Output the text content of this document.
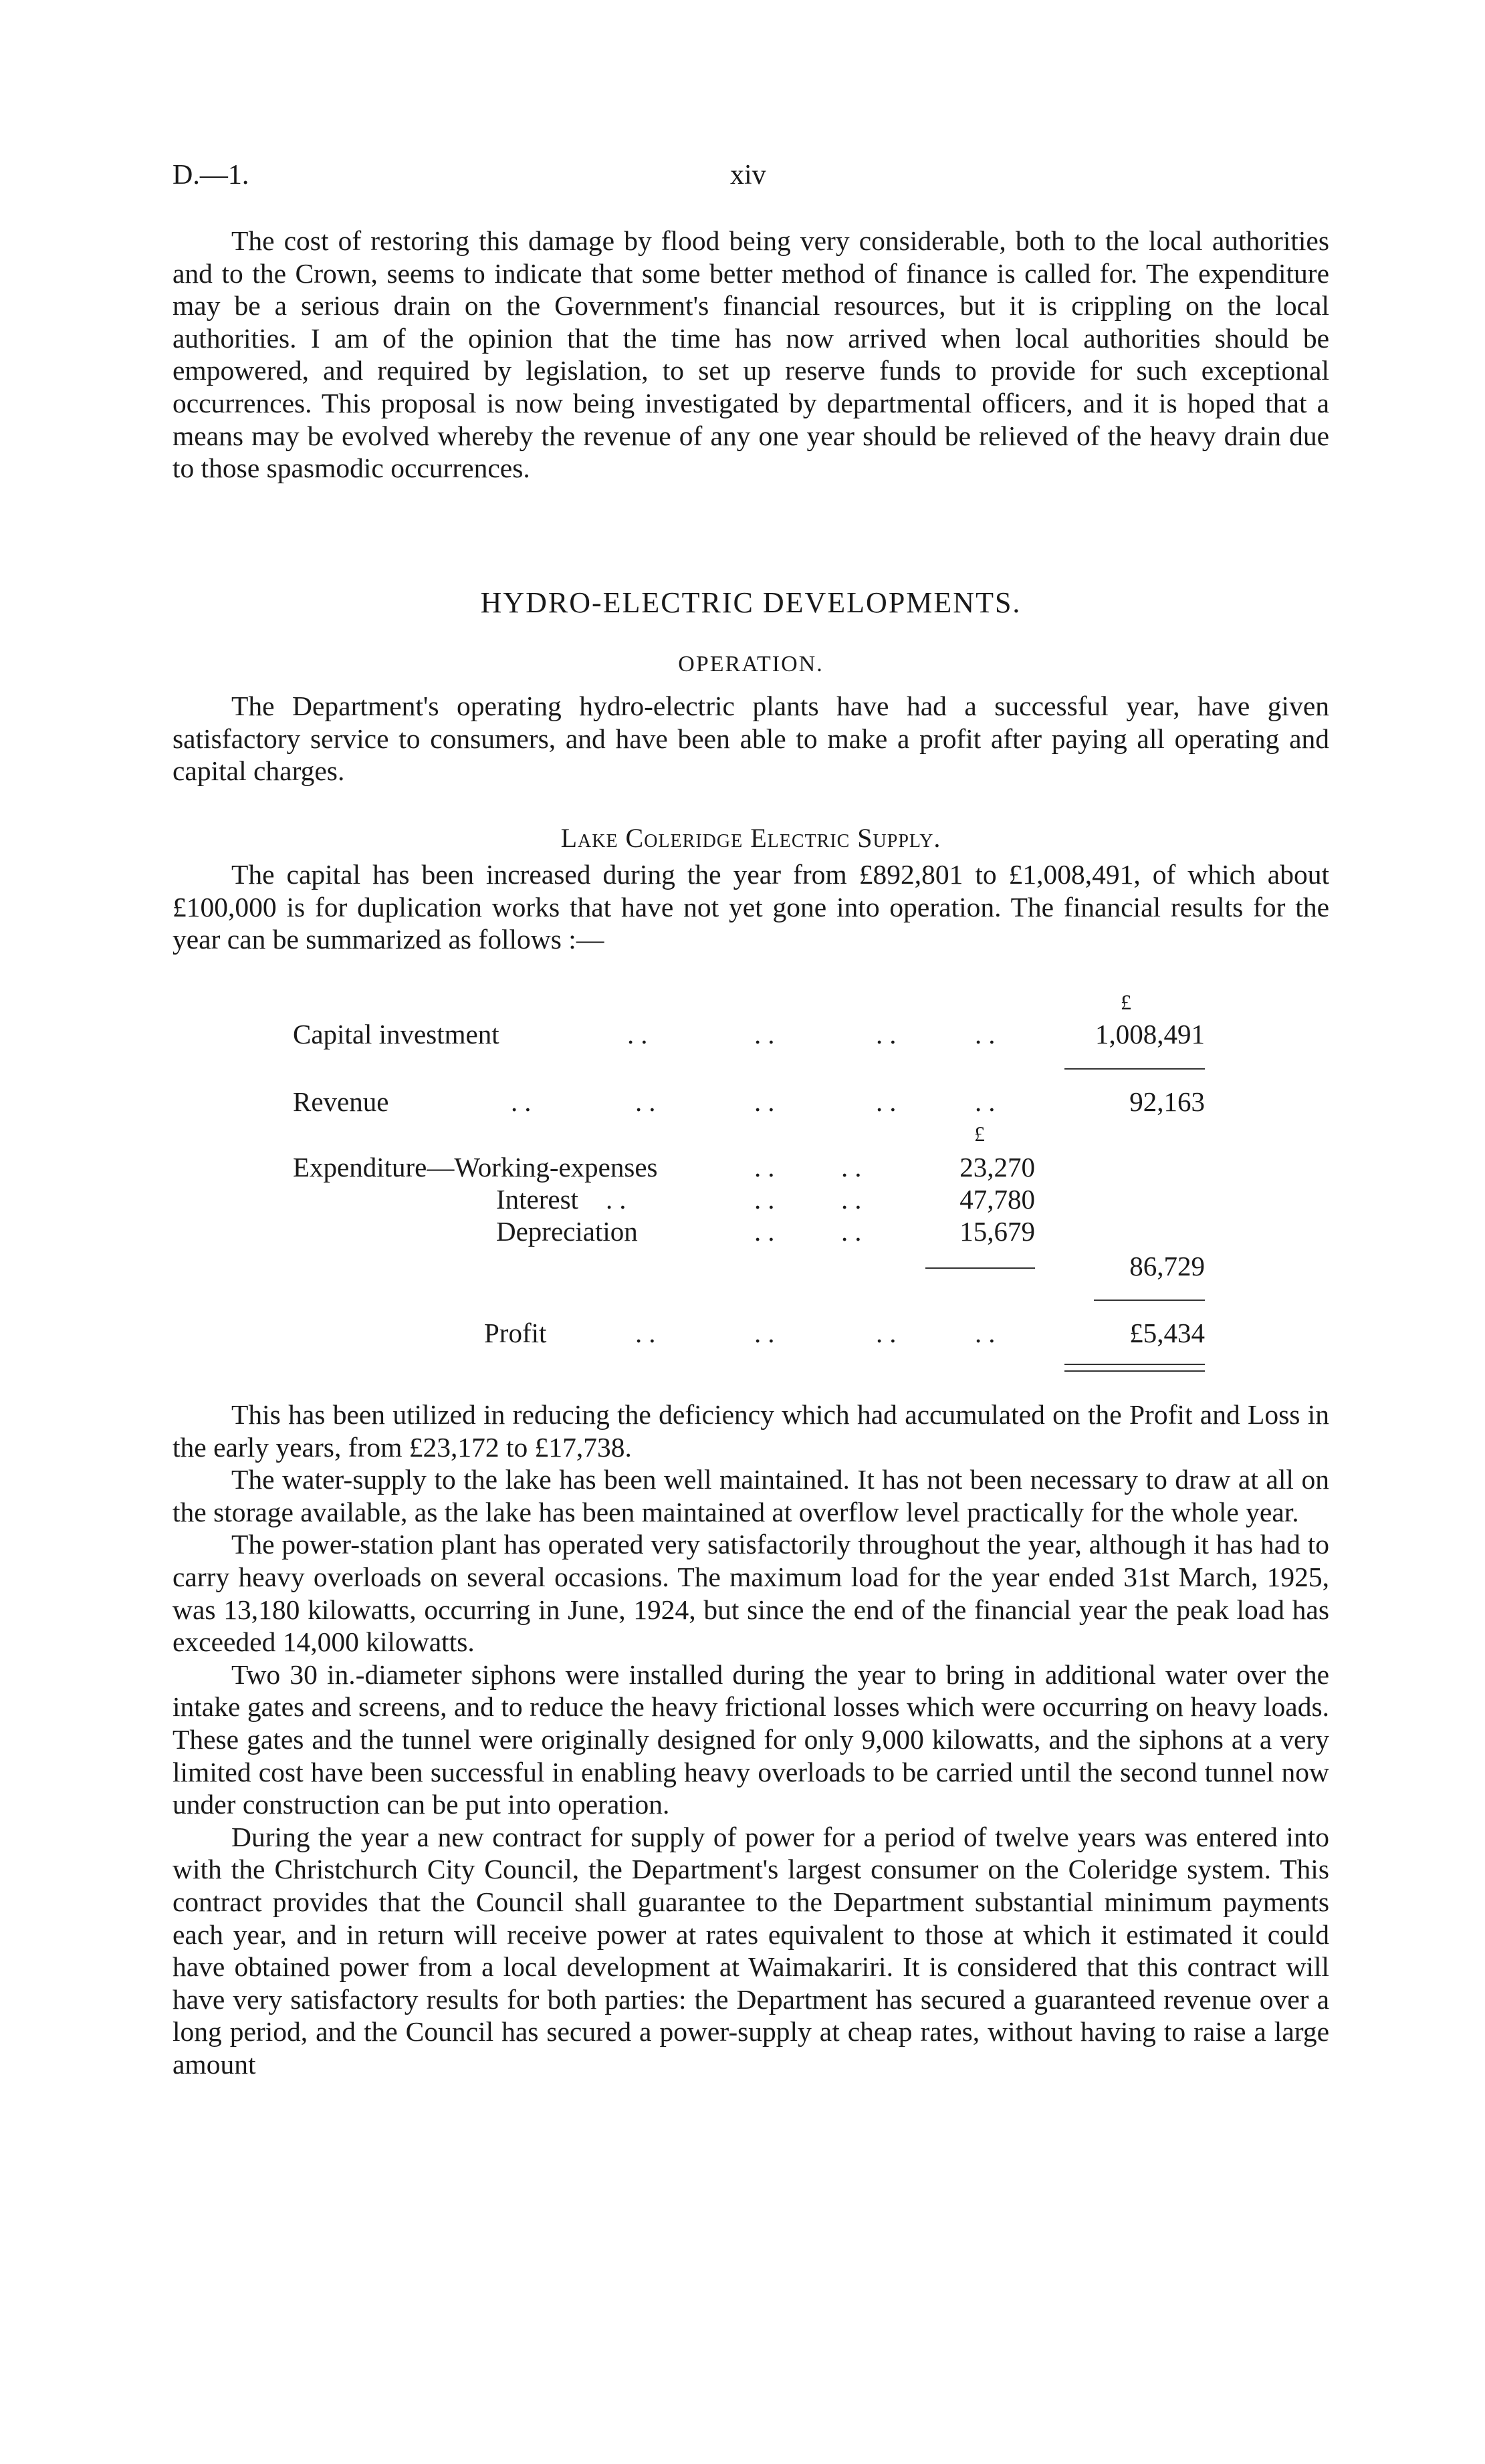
D.—1.	xiv

The cost of restoring this damage by flood being very considerable, both to the local authorities and to the Crown, seems to indicate that some better method of finance is called for. The expenditure may be a serious drain on the Government's financial resources, but it is crippling on the local authorities. I am of the opinion that the time has now arrived when local authorities should be empowered, and required by legislation, to set up reserve funds to provide for such exceptional occurrences. This proposal is now being investigated by departmental officers, and it is hoped that a means may be evolved whereby the revenue of any one year should be relieved of the heavy drain due to those spasmodic occurrences.

HYDRO-ELECTRIC DEVELOPMENTS.
OPERATION.

The Department's operating hydro-electric plants have had a successful year, have given satisfactory service to consumers, and have been able to make a profit after paying all operating and capital charges.

Lake Coleridge Electric Supply.

The capital has been increased during the year from £892,801 to £1,008,491, of which about £100,000 is for duplication works that have not yet gone into operation. The financial results for the year can be summarized as follows :—

£
Capital investment	..	..	..	..	1,008,491
Revenue	..	..	..	..	..	92,163
£
Expenditure—Working-expenses	.. ..	23,270
Interest ..	.. ..	47,780
Depreciation	.. ..	15,679
86,729
Profit	..	..	..	..	£5,434

This has been utilized in reducing the deficiency which had accumulated on the Profit and Loss in the early years, from £23,172 to £17,738.

The water-supply to the lake has been well maintained. It has not been necessary to draw at all on the storage available, as the lake has been maintained at overflow level practically for the whole year.

The power-station plant has operated very satisfactorily throughout the year, although it has had to carry heavy overloads on several occasions. The maximum load for the year ended 31st March, 1925, was 13,180 kilowatts, occurring in June, 1924, but since the end of the financial year the peak load has exceeded 14,000 kilowatts.

Two 30 in.-diameter siphons were installed during the year to bring in additional water over the intake gates and screens, and to reduce the heavy frictional losses which were occurring on heavy loads. These gates and the tunnel were originally designed for only 9,000 kilowatts, and the siphons at a very limited cost have been successful in enabling heavy overloads to be carried until the second tunnel now under construction can be put into operation.

During the year a new contract for supply of power for a period of twelve years was entered into with the Christchurch City Council, the Department's largest consumer on the Coleridge system. This contract provides that the Council shall guarantee to the Department substantial minimum payments each year, and in return will receive power at rates equivalent to those at which it estimated it could have obtained power from a local development at Waimakariri. It is considered that this contract will have very satisfactory results for both parties: the Department has secured a guaranteed revenue over a long period, and the Council has secured a power-supply at cheap rates, without having to raise a large amount
